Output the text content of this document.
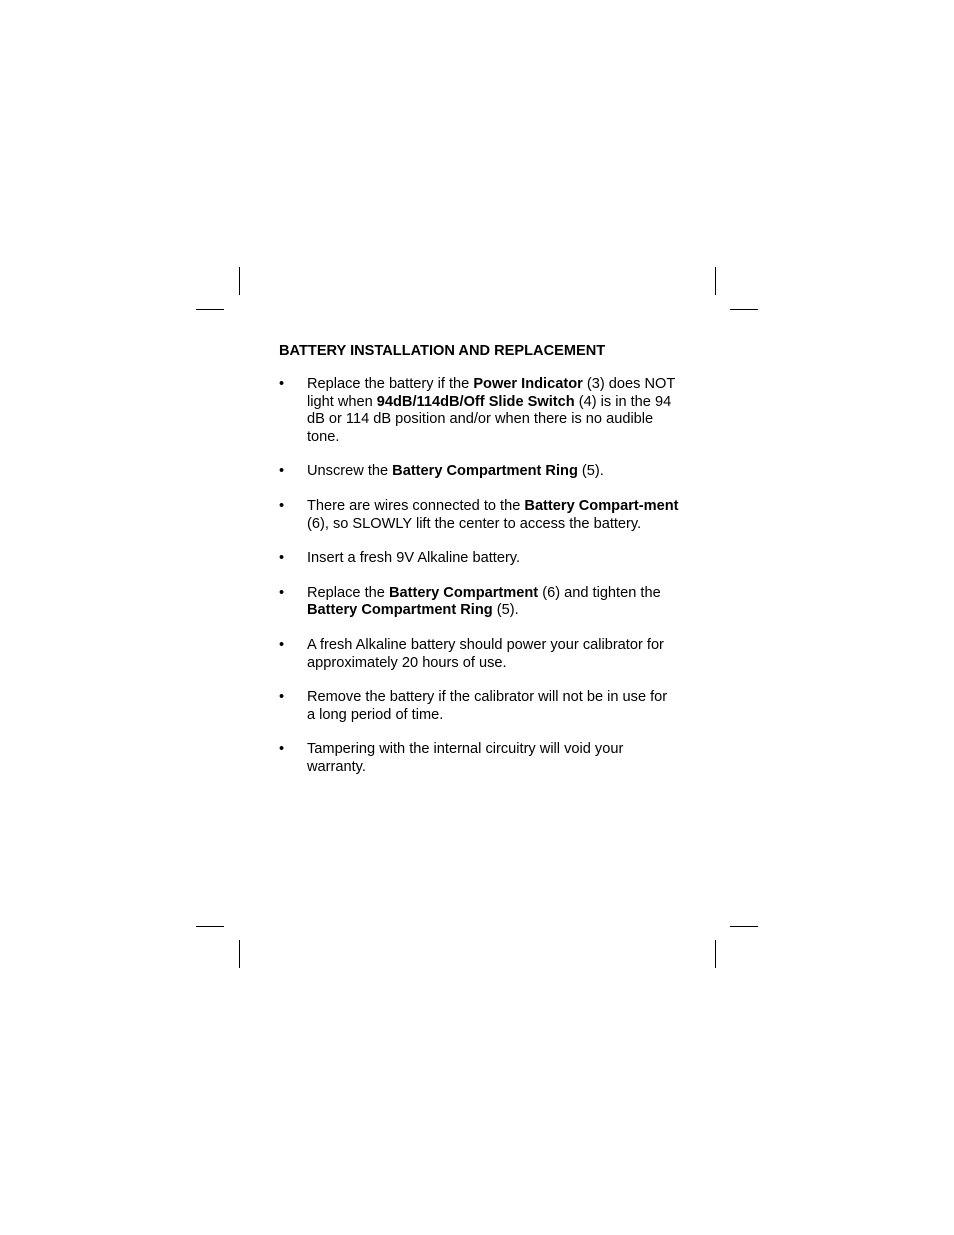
BATTERY INSTALLATION AND REPLACEMENT
• Replace the battery if the Power Indicator (3) does NOT light when 94dB/114dB/Off Slide Switch (4) is in the 94 dB or 114 dB position and/or when there is no audible tone.
• Unscrew the Battery Compartment Ring (5).
• There are wires connected to the Battery Compart-ment (6), so SLOWLY lift the center to access the battery.
• Insert a fresh 9V Alkaline battery.
• Replace the Battery Compartment (6) and tighten the Battery Compartment Ring (5).
• A fresh Alkaline battery should power your calibrator for approximately 20 hours of use.
• Remove the battery if the calibrator will not be in use for a long period of time.
• Tampering with the internal circuitry will void your warranty.
